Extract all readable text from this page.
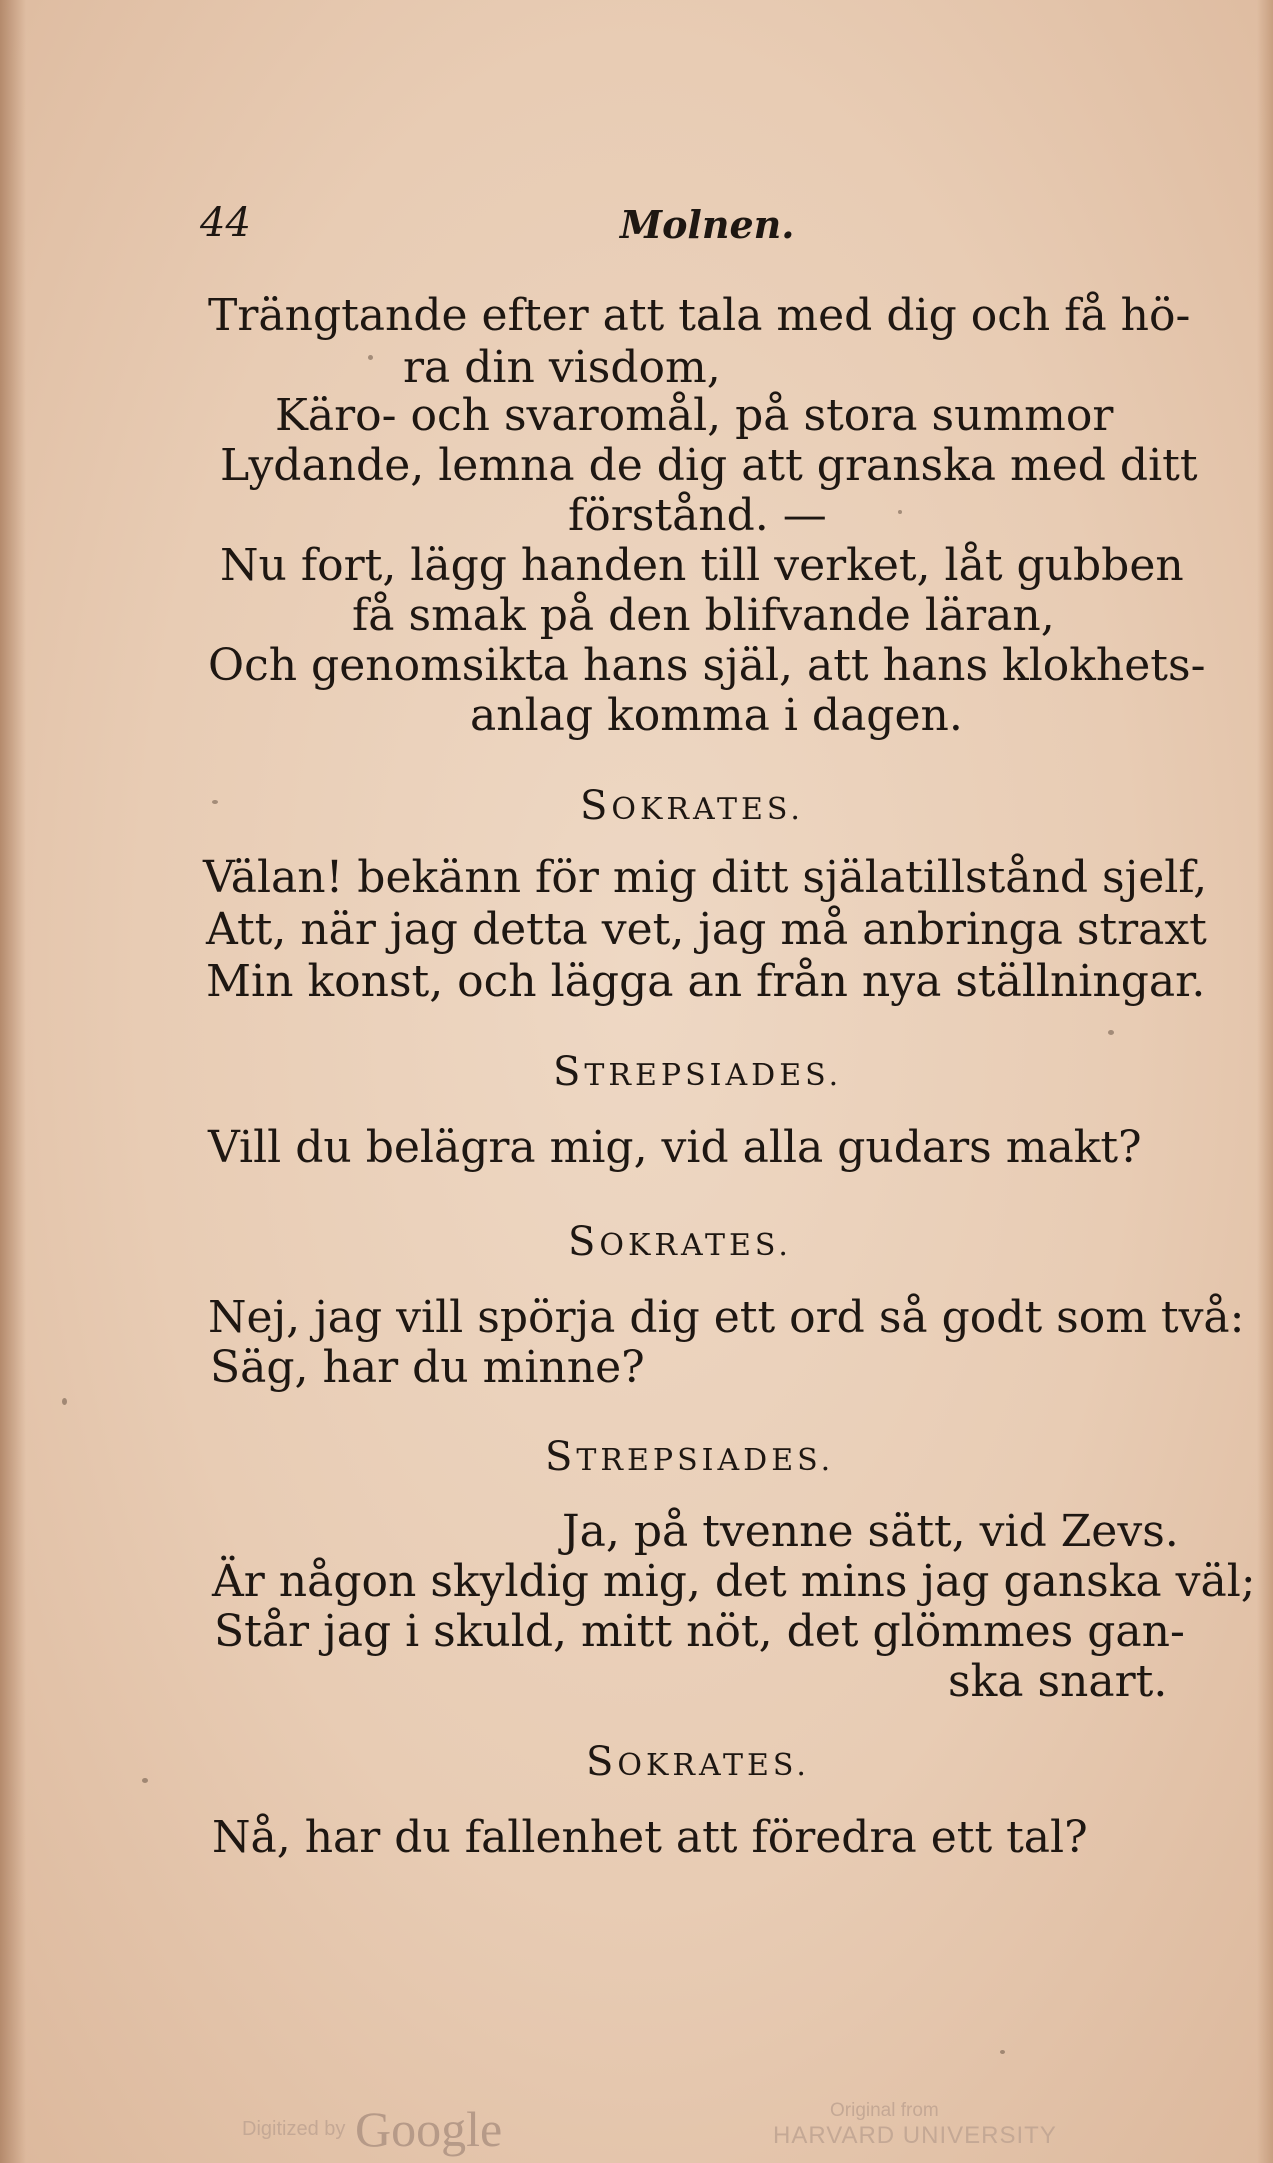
44	Molnen.
Trängtande efter att tala med dig och få hö-
ra din visdom,
Käro- och svaromål, på stora summor
Lydande, lemna de dig att granska med ditt
förstånd. —
Nu fort, lägg handen till verket, låt gubben
få smak på den blifvande läran,
Och genomsikta hans själ, att hans klokhets-
anlag komma i dagen.
SOKRATES.
Välan! bekänn för mig ditt själatillstånd sjelf,
Att, när jag detta vet, jag må anbringa straxt
Min konst, och lägga an från nya ställningar.
STREPSIADES.
Vill du belägra mig, vid alla gudars makt?
SOKRATES.
Nej, jag vill spörja dig ett ord så godt som två:
Säg, har du minne?
STREPSIADES.
Ja, på tvenne sätt, vid Zevs.
Är någon skyldig mig, det mins jag ganska väl;
Står jag i skuld, mitt nöt, det glömmes gan-
ska snart.
SOKRATES.
Nå, har du fallenhet att föredra ett tal?
Digitized by Google	Original from
HARVARD UNIVERSITY
